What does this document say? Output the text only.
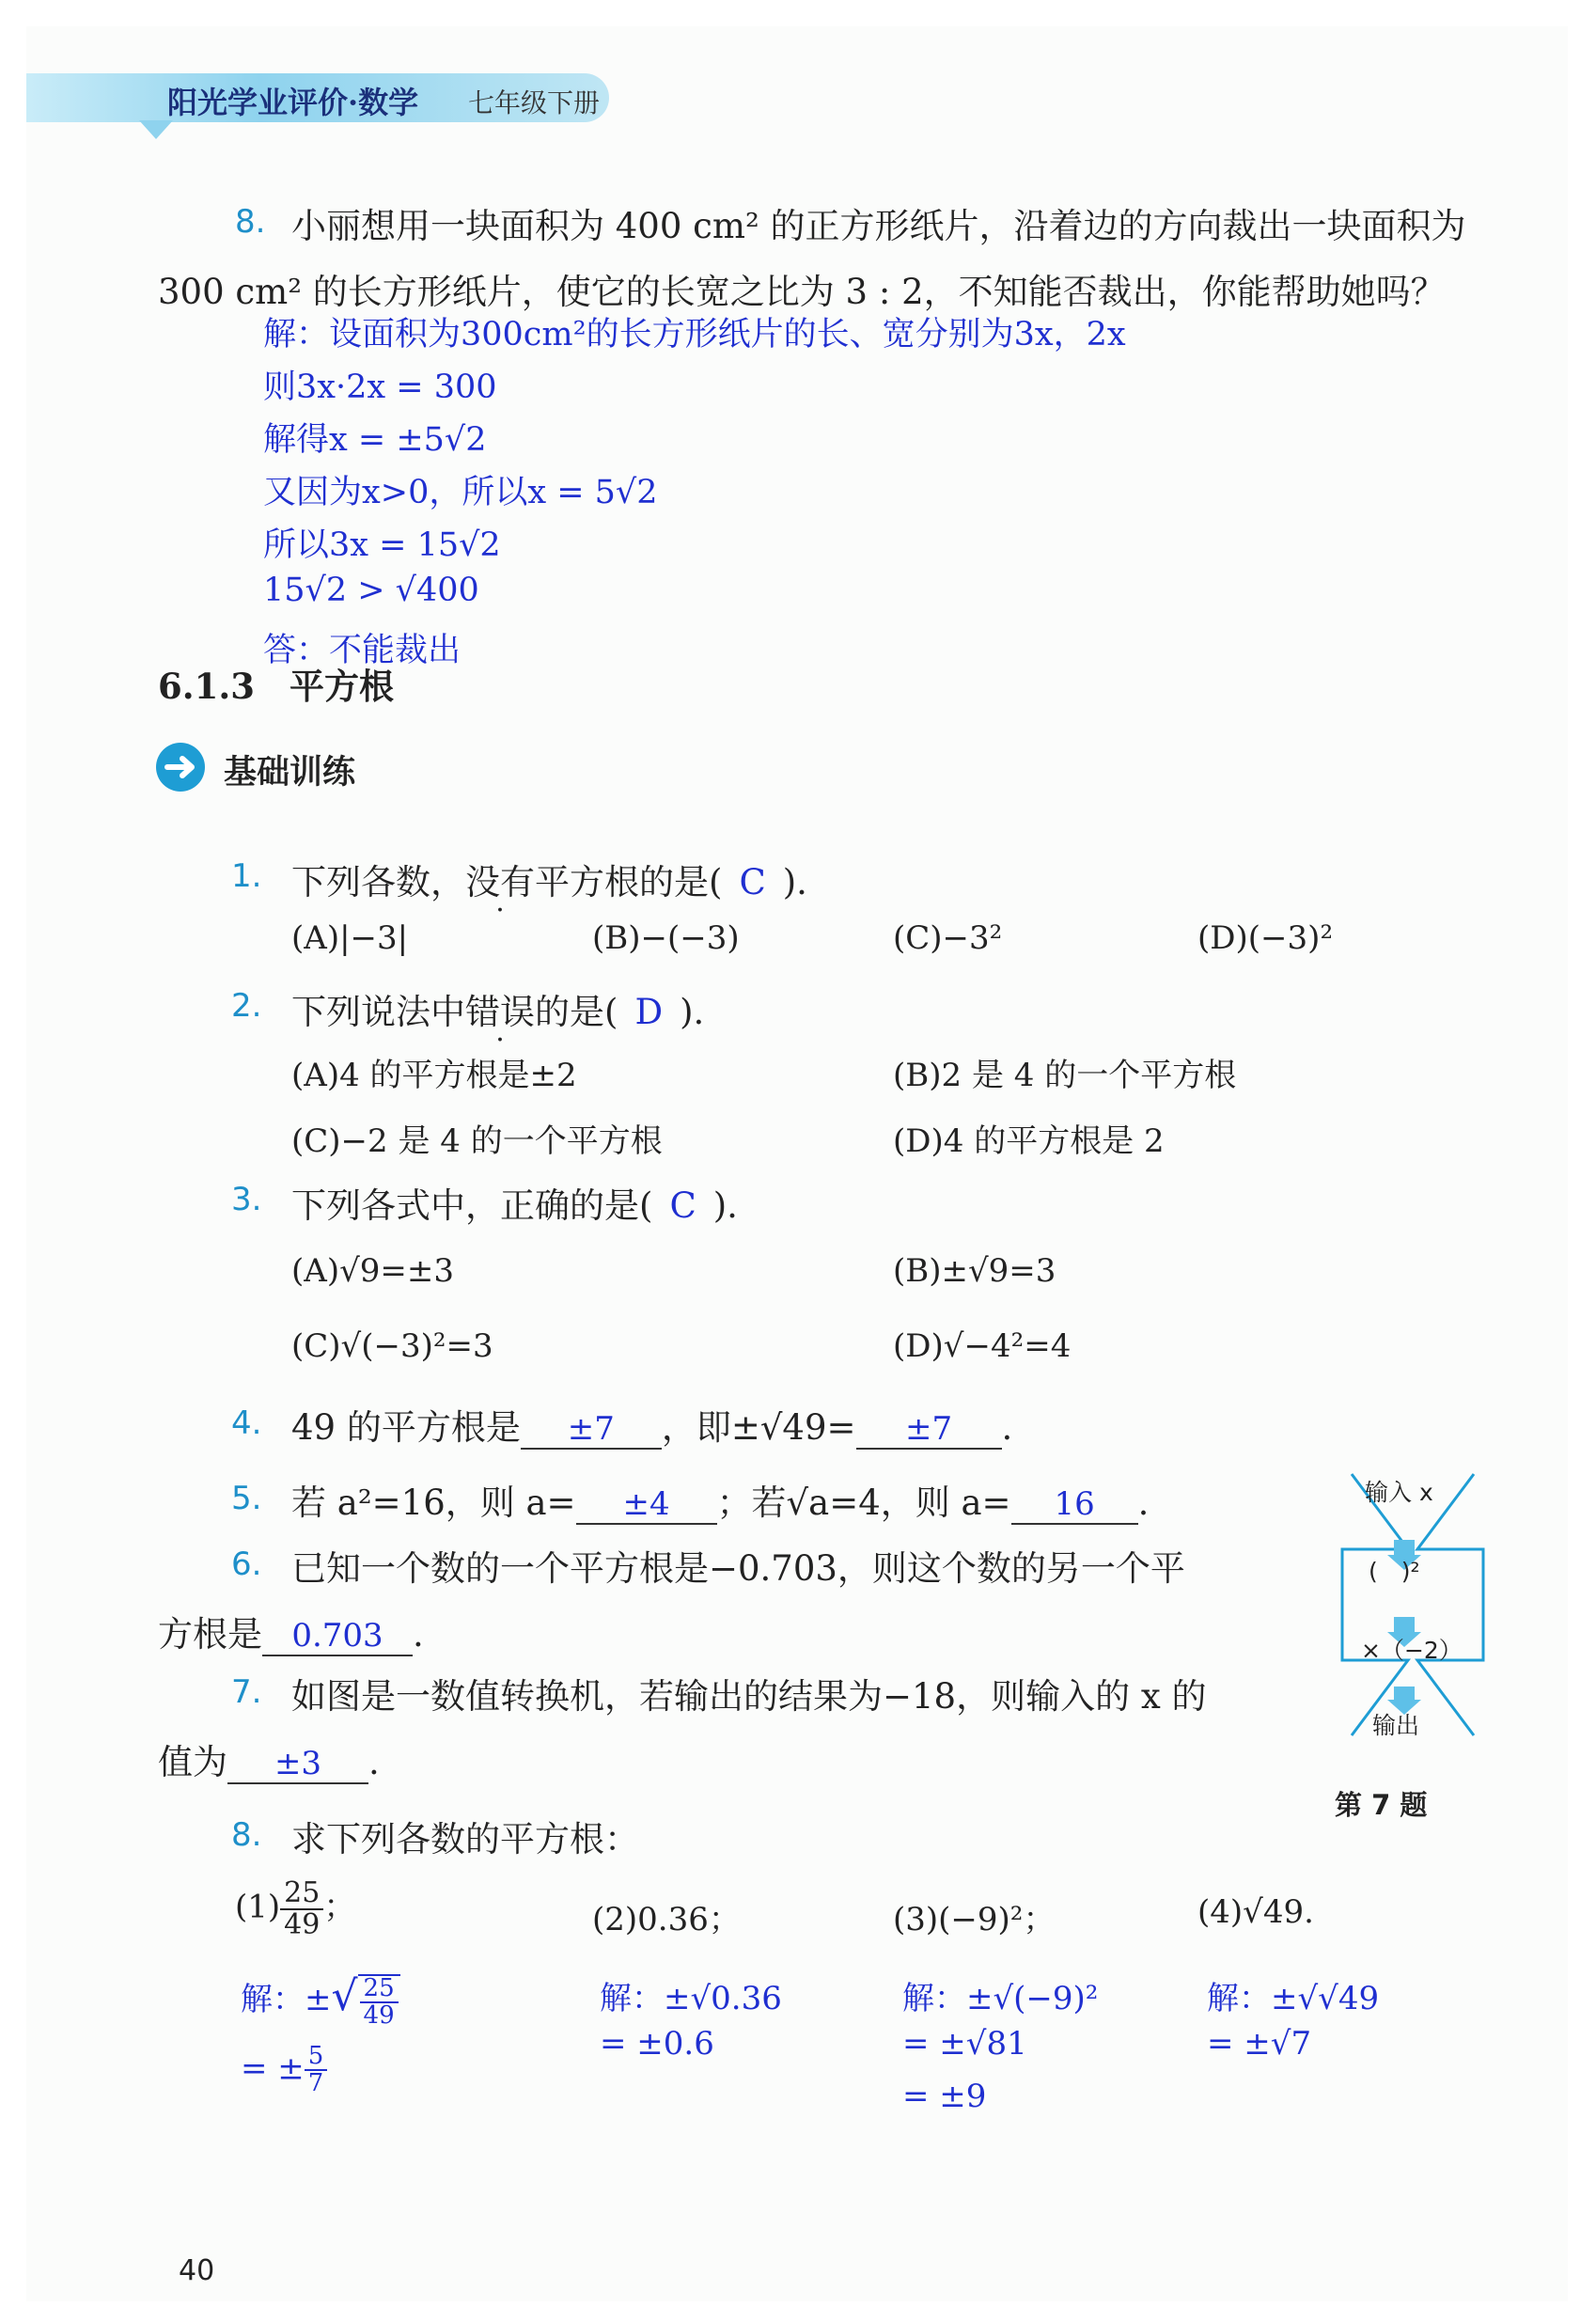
阳光学业评价·数学 七年级下册
8. 小丽想用一块面积为 400 cm² 的正方形纸片，沿着边的方向裁出一块面积为
300 cm² 的长方形纸片，使它的长宽之比为 3 : 2，不知能否裁出，你能帮助她吗？
解：设面积为300cm²的长方形纸片的长、宽分别为3x，2x
则3x·2x = 300
解得x = ±5√2
又因为x>0，所以x = 5√2
所以3x = 15√2
15√2 > √400
答：不能裁出
6.1.3　平方根
基础训练
1. 下列各数，没有平方根的是( C ).
(A)|−3|	(B)−(−3)	(C)−3²	(D)(−3)²
2. 下列说法中错误的是( D ).
(A)4 的平方根是±2	(B)2 是 4 的一个平方根
(C)−2 是 4 的一个平方根	(D)4 的平方根是 2
3. 下列各式中，正确的是( C ).
(A)√9=±3	(B)±√9=3
(C)√(−3)²=3	(D)√−4²=4
4. 49 的平方根是 ±7 ，即±√49= ±7 .
5. 若 a²=16，则 a= ±4 ；若√a=4，则 a= 16 .
6. 已知一个数的一个平方根是−0.703，则这个数的另一个平
方根是 0.703 .
7. 如图是一数值转换机，若输出的结果为−18，则输入的 x 的
值为 ±3 .
输入 x
(　)²
×（−2）
输出
第 7 题
8. 求下列各数的平方根：
$(1) \frac{25}{49}$ ；
解：±√ $\frac{25}{49}$
= ± $\frac{5}{7}$
(2)0.36；
解：±√0.36
= ±0.6
(3)(−9)²；
解：±√(−9)²
= ±√81
= ±9
(4)√49.
解：±√√49
= ±√7
40
